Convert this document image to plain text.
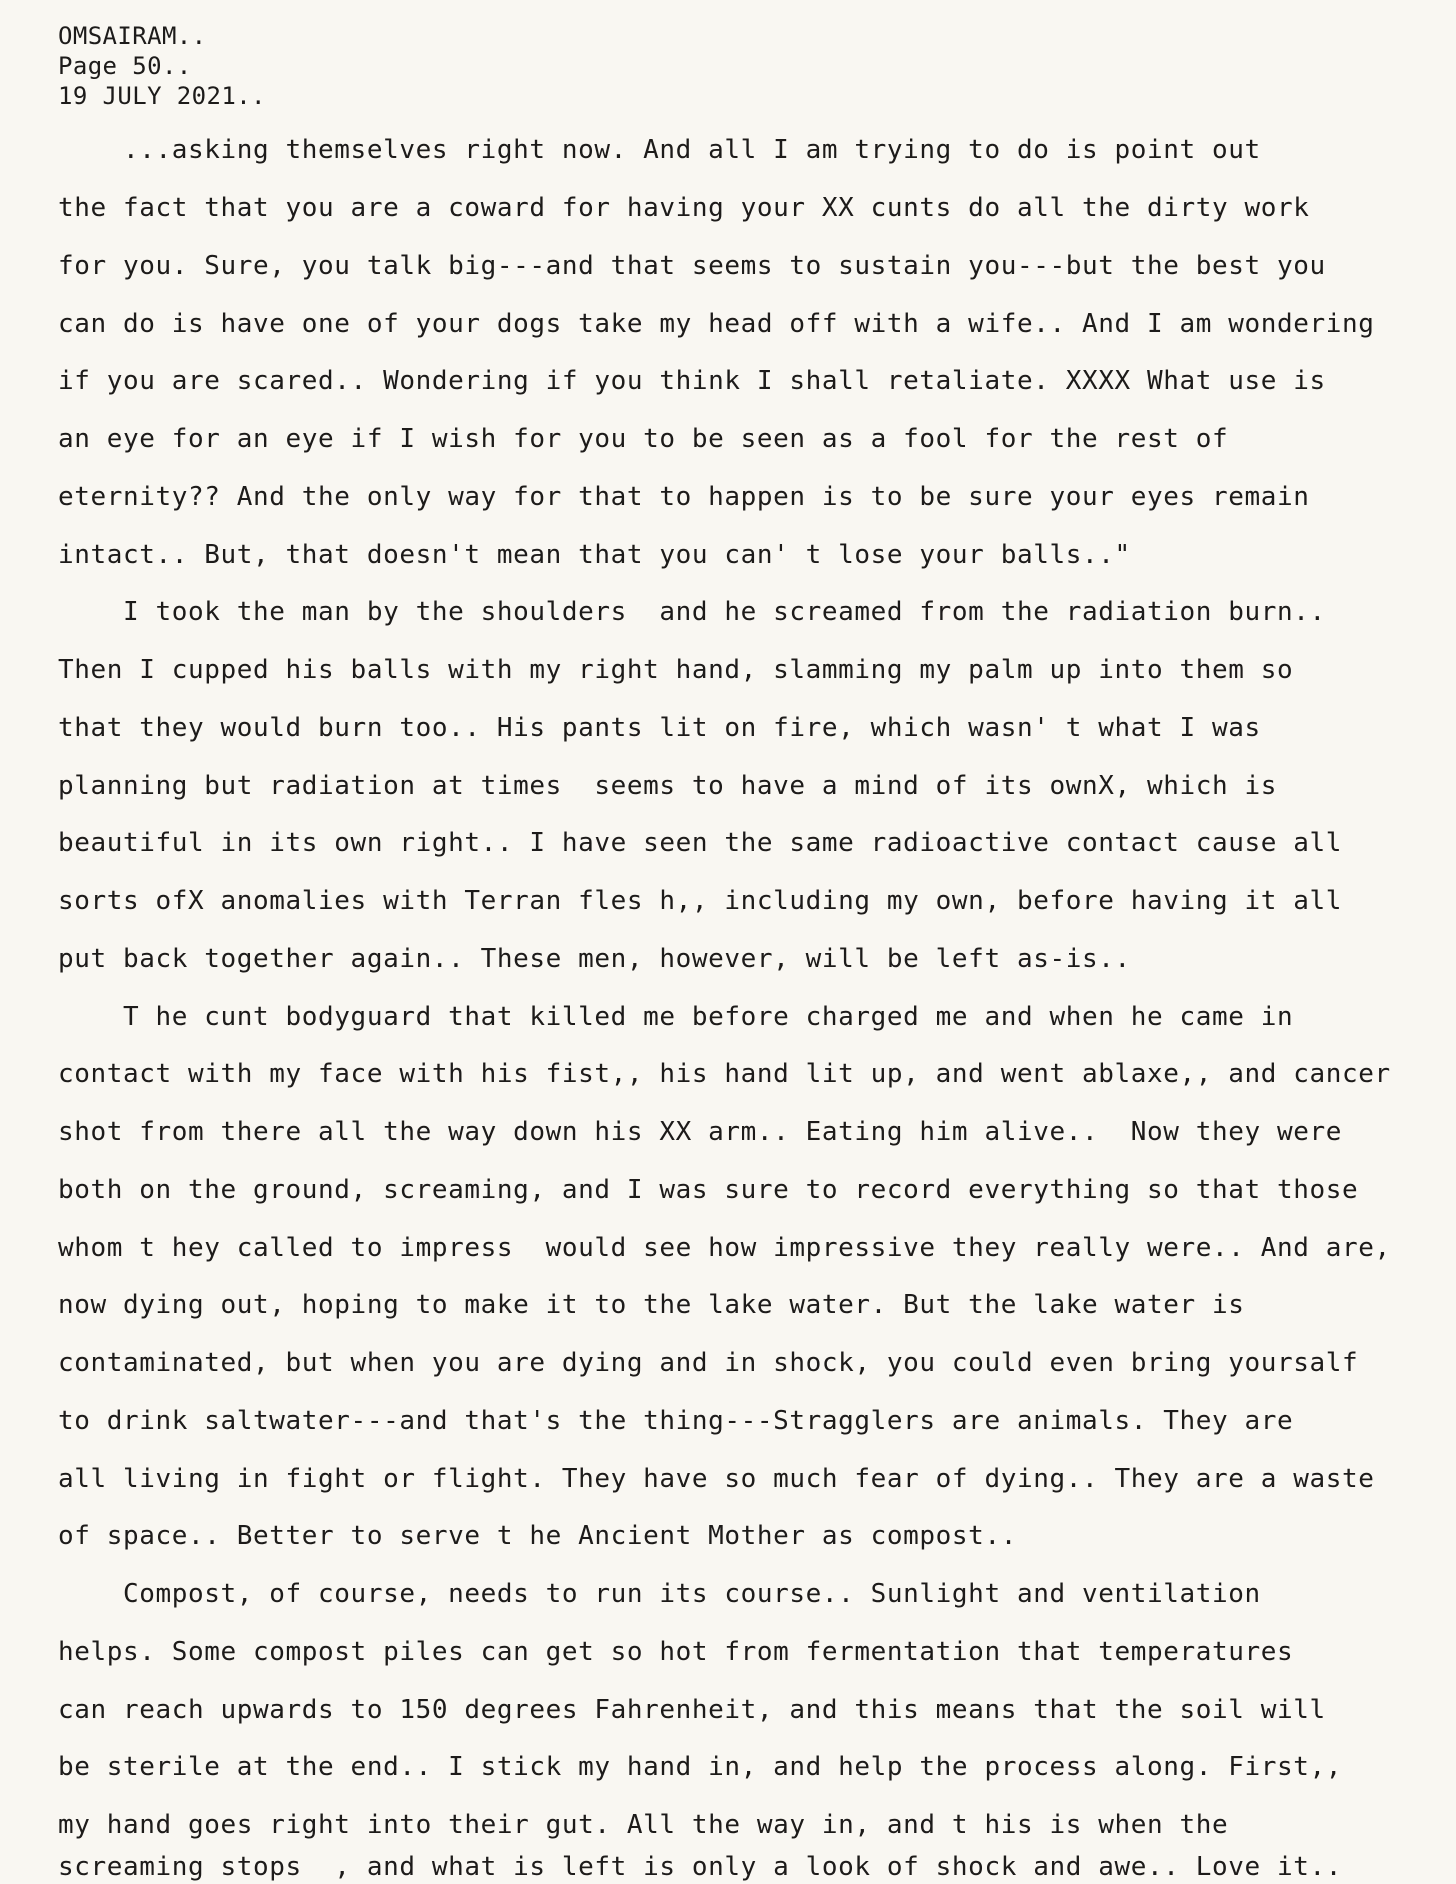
OMSAIRAM..

Page 50..

19 JULY 2021..

...asking themselves right now. And all I am trying to do is point out

the fact that you are a coward for having your XX cunts do all the dirty work

for you. Sure, you talk big---and that seems to sustain you---but the best you

can do is have one of your dogs take my head off with a wife.. And I am wondering

if you are scared.. Wondering if you think I shall retaliate. XXXX What use is

an eye for an eye if I wish for you to be seen as a fool for the rest of

eternity?? And the only way for that to happen is to be sure your eyes remain

intact.. But, that doesn't mean that you can' t lose your balls.."

I took the man by the shoulders  and he screamed from the radiation burn..

Then I cupped his balls with my right hand, slamming my palm up into them so

that they would burn too.. His pants lit on fire, which wasn' t what I was

planning but radiation at times  seems to have a mind of its ownX, which is

beautiful in its own right.. I have seen the same radioactive contact cause all

sorts ofX anomalies with Terran fles h,, including my own, before having it all

put back together again.. These men, however, will be left as-is..

T he cunt bodyguard that killed me before charged me and when he came in

contact with my face with his fist,, his hand lit up, and went ablaxe,, and cancer

shot from there all the way down his XX arm.. Eating him alive..  Now they were

both on the ground, screaming, and I was sure to record everything so that those

whom t hey called to impress  would see how impressive they really were.. And are,

now dying out, hoping to make it to the lake water. But the lake water is

contaminated, but when you are dying and in shock, you could even bring yoursalf

to drink saltwater---and that's the thing---Stragglers are animals. They are

all living in fight or flight. They have so much fear of dying.. They are a waste

of space.. Better to serve t he Ancient Mother as compost..

Compost, of course, needs to run its course.. Sunlight and ventilation

helps. Some compost piles can get so hot from fermentation that temperatures

can reach upwards to 150 degrees Fahrenheit, and this means that the soil will

be sterile at the end.. I stick my hand in, and help the process along. First,,

my hand goes right into their gut. All the way in, and t his is when the

screaming stops  , and what is left is only a look of shock and awe.. Love it..
